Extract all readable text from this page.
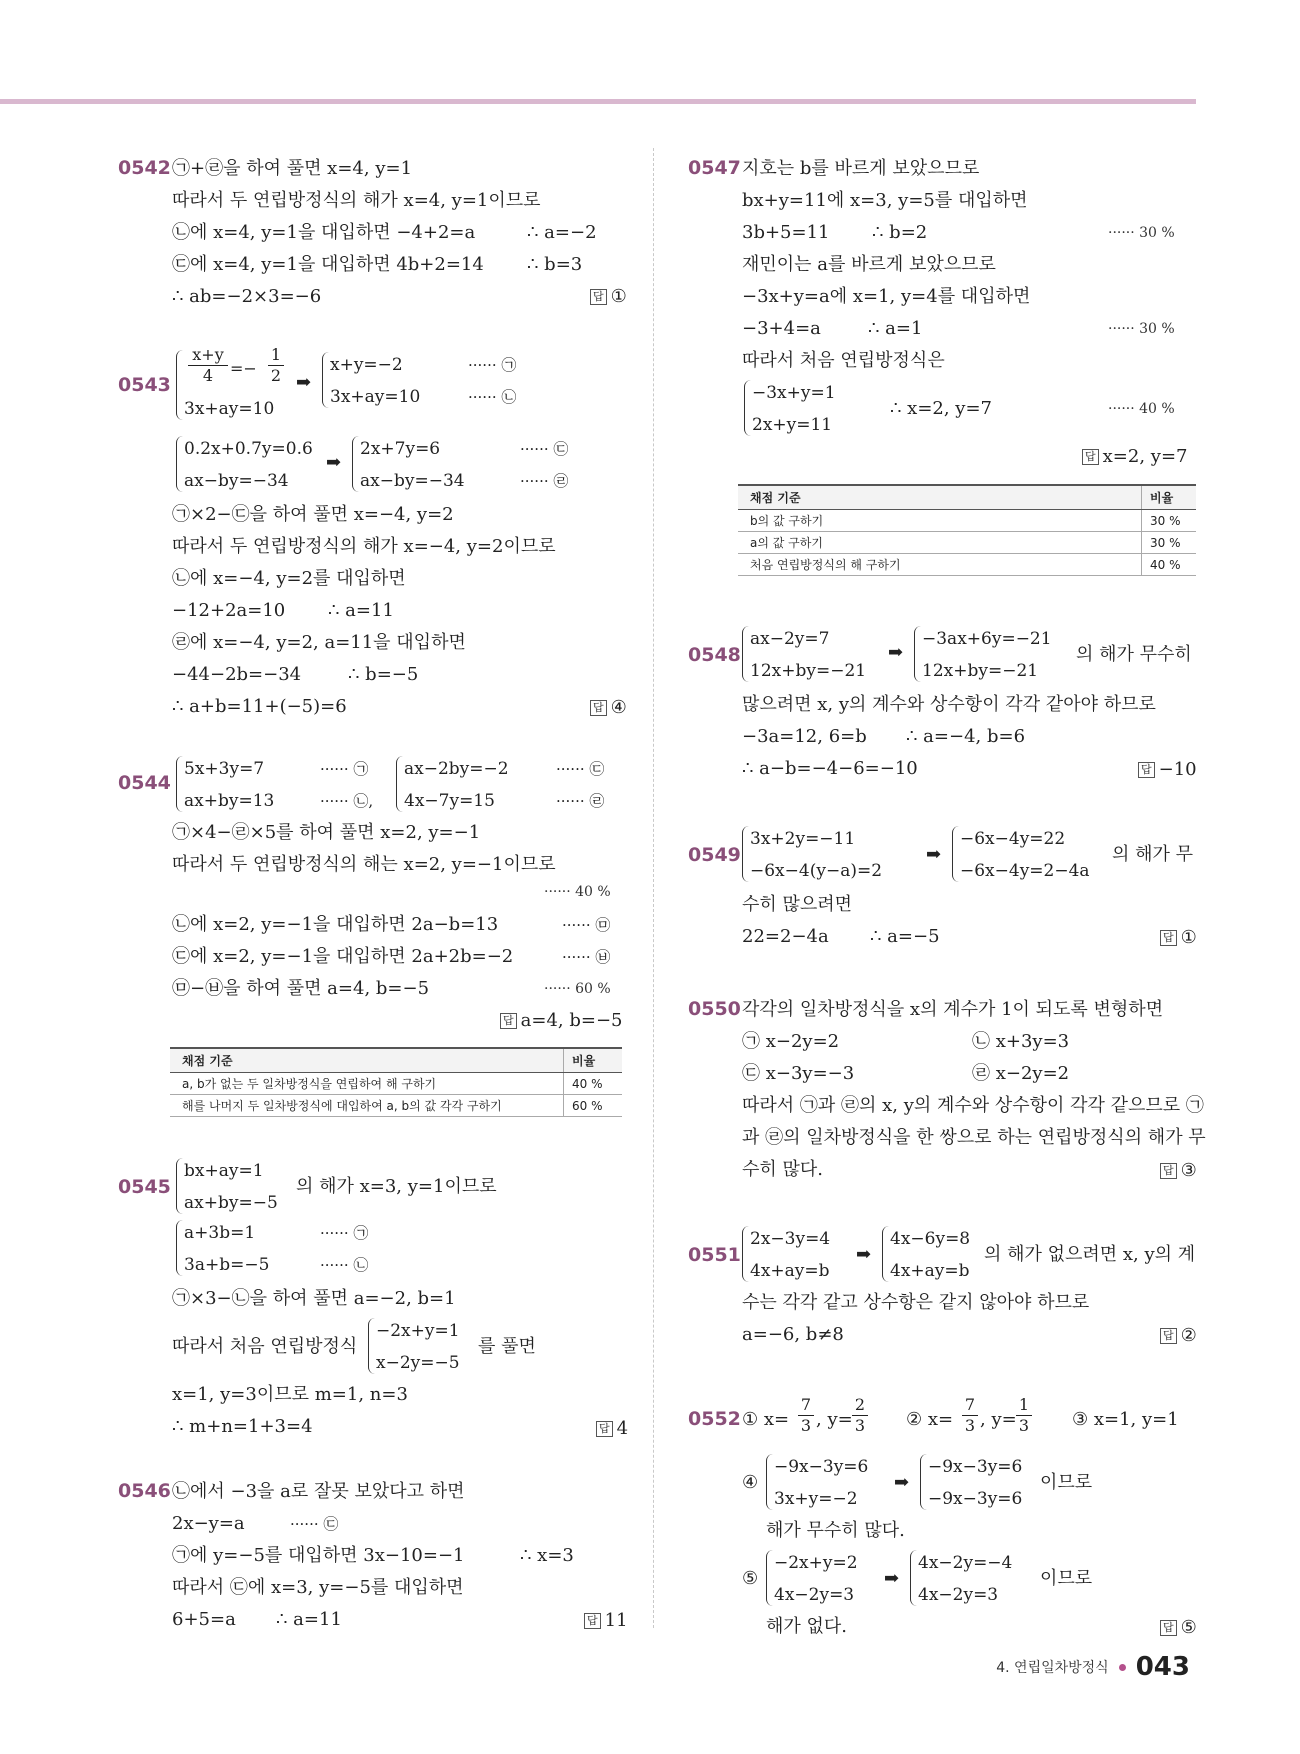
0542 ㉠+㉣을 하여 풀면 x=4, y=1
따라서 두 연립방정식의 해가 x=4, y=1이므로
㉡에 x=4, y=1을 대입하면 −4+2=a	∴ a=−2
㉢에 x=4, y=1을 대입하면 4b+2=14 ∴ b=3
∴ ab=−2×3=−6	답 ①
0543
x+y
4	=−
1
2
3x+ay=10
➡
x+y=−2	······ ㉠
3x+ay=10	······ ㉡
0.2x+0.7y=0.6
ax−by=−34
➡
2x+7y=6	······ ㉢
ax−by=−34	······ ㉣
㉠×2−㉢을 하여 풀면 x=−4, y=2
따라서 두 연립방정식의 해가 x=−4, y=2이므로
㉡에 x=−4, y=2를 대입하면
−12+2a=10 ∴ a=11
㉣에 x=−4, y=2, a=11을 대입하면
−44−2b=−34	∴ b=−5
∴ a+b=11+(−5)=6	답 ④
0544
5x+3y=7	······ ㉠
ax+by=13	······ ㉡,
ax−2by=−2	······ ㉢
4x−7y=15	······ ㉣
㉠×4−㉣×5를 하여 풀면 x=2, y=−1
따라서 두 연립방정식의 해는 x=2, y=−1이므로
······ 40 %
㉡에 x=2, y=−1을 대입하면 2a−b=13	······ ㉤
㉢에 x=2, y=−1을 대입하면 2a+2b=−2	······ ㉥
㉤−㉥을 하여 풀면 a=4, b=−5	······ 60 %
답 a=4, b=−5
채점 기준	비율
a, b가 없는 두 일차방정식을 연립하여 해 구하기	40 %
해를 나머지 두 일차방정식에 대입하여 a, b의 값 각각 구하기	60 %
0545
bx+ay=1
ax+by=−5
의 해가 x=3, y=1이므로
a+3b=1	······ ㉠
3a+b=−5	······ ㉡
㉠×3−㉡을 하여 풀면 a=−2, b=1
따라서 처음 연립방정식
−2x+y=1
x−2y=−5
를 풀면
x=1, y=3이므로 m=1, n=3
∴ m+n=1+3=4	답 4
0546 ㉡에서 −3을 a로 잘못 보았다고 하면
2x−y=a	······ ㉢
㉠에 y=−5를 대입하면 3x−10=−1	∴ x=3
따라서 ㉢에 x=3, y=−5를 대입하면
6+5=a ∴ a=11	답 11
0547 지호는 b를 바르게 보았으므로
bx+y=11에 x=3, y=5를 대입하면
3b+5=11 ∴ b=2	······ 30 %
재민이는 a를 바르게 보았으므로
−3x+y=a에 x=1, y=4를 대입하면
−3+4=a	∴ a=1	······ 30 %
따라서 처음 연립방정식은
−3x+y=1
2x+y=11
∴ x=2, y=7	······ 40 %
답 x=2, y=7
채점 기준	비율
b의 값 구하기	30 %
a의 값 구하기	30 %
처음 연립방정식의 해 구하기	40 %
0548
ax−2y=7
12x+by=−21
➡
−3ax+6y=−21
12x+by=−21
의 해가 무수히
많으려면 x, y의 계수와 상수항이 각각 같아야 하므로
−3a=12, 6=b ∴ a=−4, b=6
∴ a−b=−4−6=−10	답 −10
0549
3x+2y=−11
−6x−4(y−a)=2
➡
−6x−4y=22
−6x−4y=2−4a
의 해가 무
수히 많으려면
22=2−4a ∴ a=−5	답 ①
0550 각각의 일차방정식을 x의 계수가 1이 되도록 변형하면
㉠ x−2y=2	㉡ x+3y=3
㉢ x−3y=−3	㉣ x−2y=2
따라서 ㉠과 ㉣의 x, y의 계수와 상수항이 각각 같으므로 ㉠
과 ㉣의 일차방정식을 한 쌍으로 하는 연립방정식의 해가 무
수히 많다.	답 ③
0551
2x−3y=4
4x+ay=b
➡
4x−6y=8
4x+ay=b
의 해가 없으려면 x, y의 계
수는 각각 같고 상수항은 같지 않아야 하므로
a=−6, b≠8	답 ②
0552 ① x=
7
3 , y=
2
3 ② x=
7
3 , y=
1
3 ③ x=1, y=1
④
−9x−3y=6
3x+y=−2
➡
−9x−3y=6
−9x−3y=6
이므로
해가 무수히 많다.
⑤
−2x+y=2
4x−2y=3
➡
4x−2y=−4
4x−2y=3
이므로
해가 없다.	답 ⑤
4. 연립일차방정식 043
